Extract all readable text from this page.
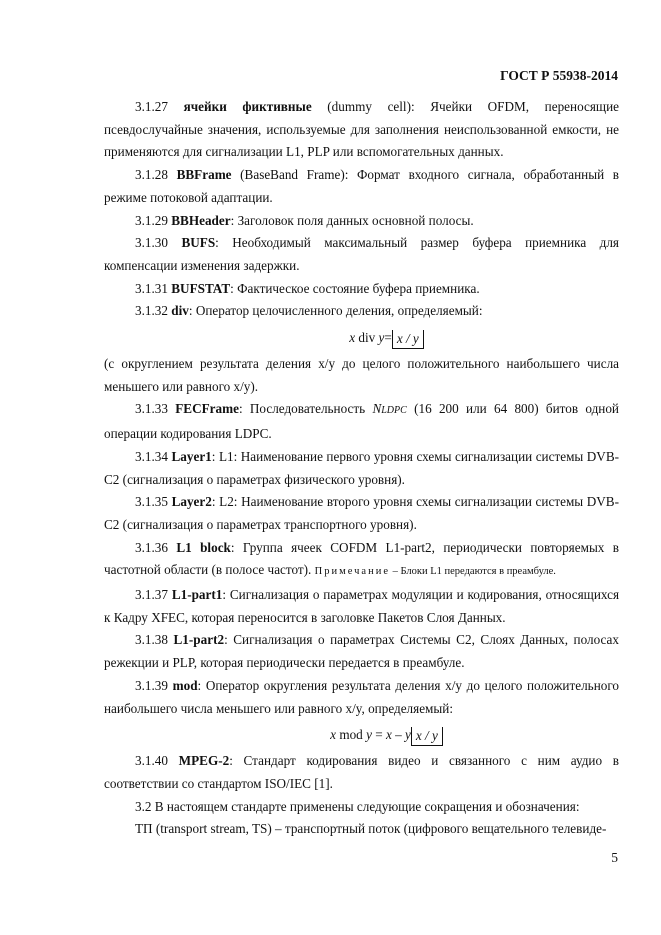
ГОСТ Р 55938-2014

3.1.27 ячейки фиктивные (dummy cell): Ячейки OFDM, переносящие псевдослучайные значения, используемые для заполнения неиспользованной емкости, не применяются для сигнализации L1, PLP или вспомогательных данных.

3.1.28 BBFrame (BaseBand Frame): Формат входного сигнала, обработанный в режиме потоковой адаптации.

3.1.29 BBHeader: Заголовок поля данных основной полосы.

3.1.30 BUFS: Необходимый максимальный размер буфера приемника для компенсации изменения задержки.

3.1.31 BUFSTAT: Фактическое состояние буфера приемника.

3.1.32 div: Оператор целочисленного деления, определяемый:

x div y= x / y

(с округлением результата деления x/y до целого положительного наибольшего числа меньшего или равного x/y).

3.1.33 FECFrame: Последовательность NLDPC (16 200 или 64 800) битов одной операции кодирования LDPC.

3.1.34 Layer1: L1: Наименование первого уровня схемы сигнализации системы DVB-C2 (сигнализация о параметрах физического уровня).

3.1.35 Layer2: L2: Наименование второго уровня схемы сигнализации системы DVB-C2 (сигнализация о параметрах транспортного уровня).

3.1.36 L1 block: Группа ячеек COFDM L1-part2, периодически повторяемых в частотной области (в полосе частот). Примечание – Блоки L1 передаются в преамбуле.

3.1.37 L1-part1: Сигнализация о параметрах модуляции и кодирования, относящихся к Кадру XFEC, которая переносится в заголовке Пакетов Слоя Данных.

3.1.38 L1-part2: Сигнализация о параметрах Системы С2, Слоях Данных, полосах режекции и PLP, которая периодически передается в преамбуле.

3.1.39 mod: Оператор округления результата деления x/y до целого положительного наибольшего числа меньшего или равного x/y, определяемый:

x mod y = x – y x / y

3.1.40 MPEG-2: Стандарт кодирования видео и связанного с ним аудио в соответствии со стандартом ISO/IEC [1].

3.2 В настоящем стандарте применены следующие сокращения и обозначения:

ТП (transport stream, TS) – транспортный поток (цифрового вещательного телевиде-

5
